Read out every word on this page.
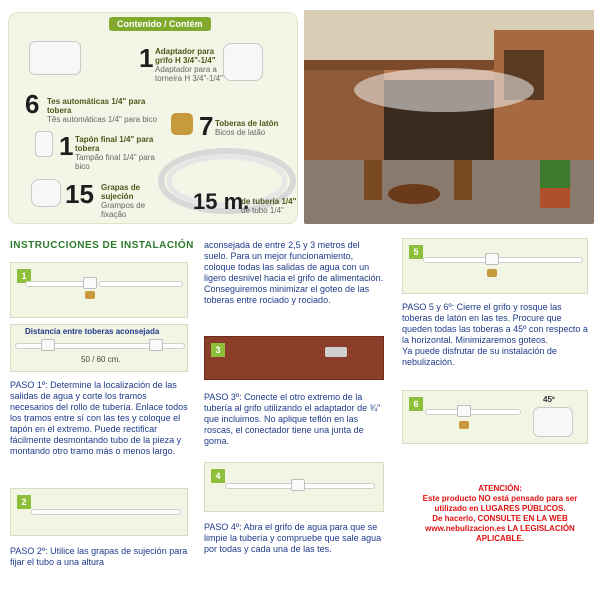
Contenido / Contém
1 Adaptador para grifo H 3/4"-1/4"
Adaptador para a torneira H 3/4"-1/4"
6 Tes automáticas 1/4" para tobera
Tês automáticas 1/4" para bico	7 Toberas de latón
Bicos de latão
1 Tapón final 1/4" para tobera
Tampão final 1/4" para bico
15 Grapas de sujeción
Grampos de fixação
15 m.
de tubería 1/4"
de tubo 1/4"
INSTRUCCIONES DE INSTALACIÓN
1
Distancia entre toberas aconsejada
50 / 60 cm.
PASO 1º: Determine la localización de las salidas de agua y corte los tramos necesarios del rollo de tubería. Enlace todos los tramos entre sí con las tes y coloque el tapón en el extremo. Puede rectificar fácilmente desmontando tubo de la pieza y montando otro tramo más o menos largo.
2
PASO 2º: Utilice las grapas de sujeción para fijar el tubo a una altura
aconsejada de entre 2,5 y 3 metros del suelo. Para un mejor funcionamiento, coloque todas las salidas de agua con un ligero desnivel hacia el grifo de alimentación. Conseguiremos minimizar el goteo de las toberas entre rociado y rociado.
3
PASO 3º: Conecte el otro extremo de la tubería al grifo utilizando el adaptador de ¾" que incluimos. No aplique teflón en las roscas, el conectador tiene una junta de goma.
4
PASO 4º: Abra el grifo de agua para que se limpie la tubería y compruebe que sale agua por todas y cada una de las tes.
5
PASO 5 y 6º: Cierre el grifo y rosque las toberas de latón en las tes. Procure que queden todas las toberas a 45º con respecto a la horizontal. Minimizaremos goteos.
Ya puede disfrutar de su instalación de nebulización.
6	45º
ATENCIÓN:
Este producto NO está pensado para ser utilizado en LUGARES PÚBLICOS.
De hacerlo, CONSULTE EN LA WEB www.nebulizacion.es LA LEGISLACIÓN APLICABLE.
